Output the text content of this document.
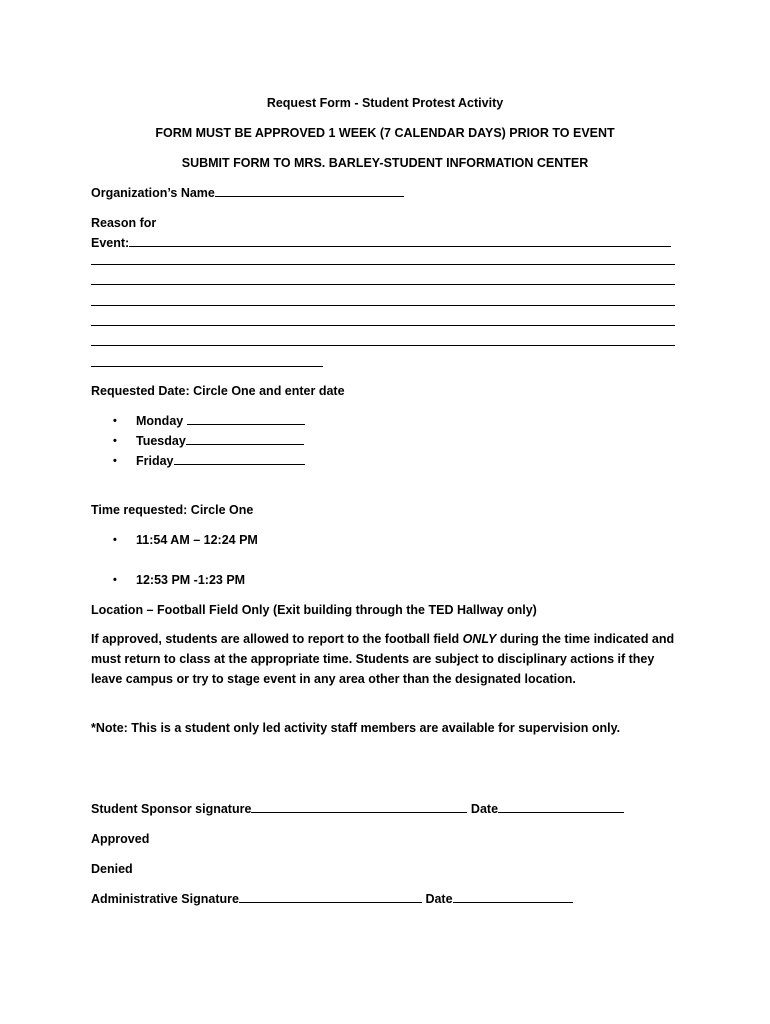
Request Form - Student Protest Activity
FORM MUST BE APPROVED 1 WEEK (7 CALENDAR DAYS) PRIOR TO EVENT
SUBMIT FORM TO MRS. BARLEY-STUDENT INFORMATION CENTER
Organization’s Name
Reason for
Event:
Requested Date: Circle One and enter date
• Monday
• Tuesday
• Friday
Time requested: Circle One
• 11:54 AM – 12:24 PM
• 12:53 PM -1:23 PM
Location – Football Field Only (Exit building through the TED Hallway only)
If approved, students are allowed to report to the football field ONLY during the time indicated and must return to class at the appropriate time. Students are subject to disciplinary actions if they leave campus or try to stage event in any area other than the designated location.
*Note: This is a student only led activity staff members are available for supervision only.
Student Sponsor signature	Date
Approved
Denied
Administrative Signature	Date
